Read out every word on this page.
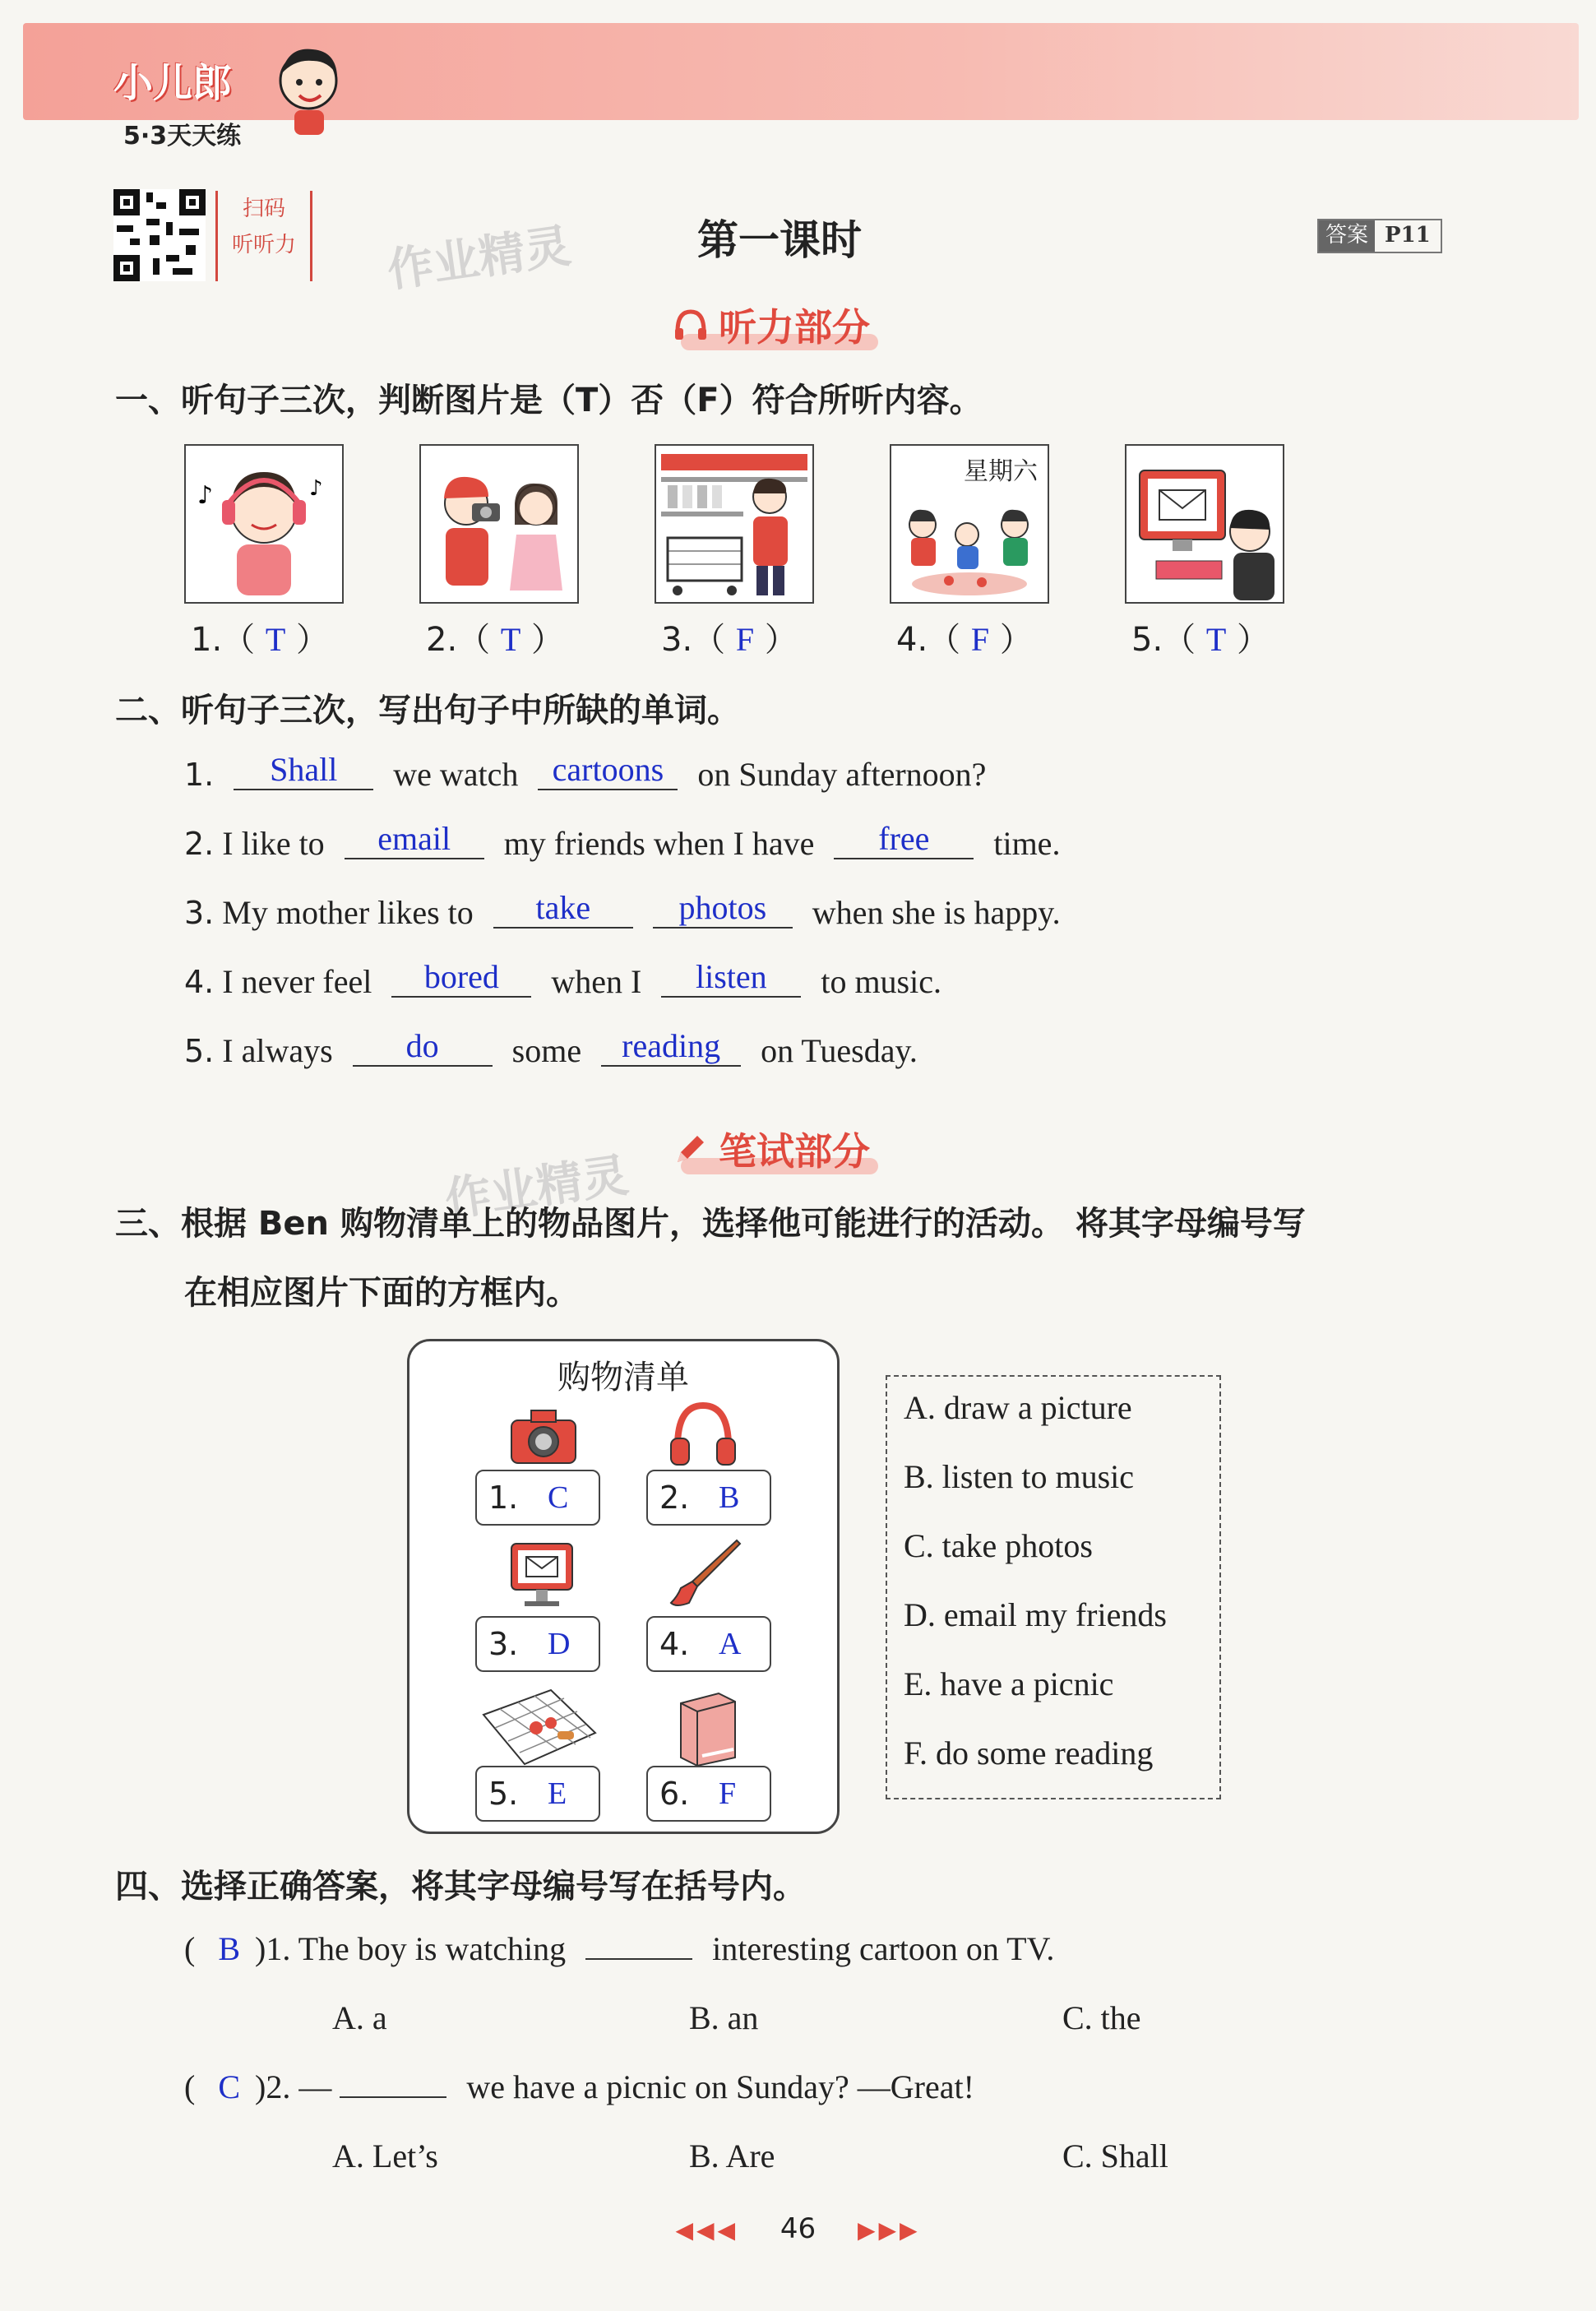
小儿郎
5·3天天练
扫码
听听力	作业精灵	第一课时	答案 P11
听力部分
一、听句子三次，判断图片是（T）否（F）符合所听内容。
♪	♪
星期六
1.（ T ）	2.（ T ）	3.（ F ）	4.（ F ）	5.（ T ）
二、听句子三次，写出句子中所缺的单词。
1. Shall we watch cartoons on Sunday afternoon?
2. I like to email my friends when I have free time.
3. My mother likes to take	photos when she is happy.
4. I never feel bored when I listen to music.
5. I always do some reading on Tuesday.
笔试部分
作业精灵
三、根据 Ben 购物清单上的物品图片，选择他可能进行的活动。 将其字母编号写
在相应图片下面的方框内。
购物清单
1. C	2. B
3. D	4. A
5. E	6. F
A. draw a picture
B. listen to music
C. take photos
D. email my friends
E. have a picnic
F. do some reading
四、选择正确答案，将其字母编号写在括号内。
( B )1. The boy is watching	interesting cartoon on TV.
A. a	B. an	C. the
( C )2. —	we have a picnic on Sunday? —Great!
A. Let’s	B. Are	C. Shall
◀◀◀ 46 ▶▶▶
